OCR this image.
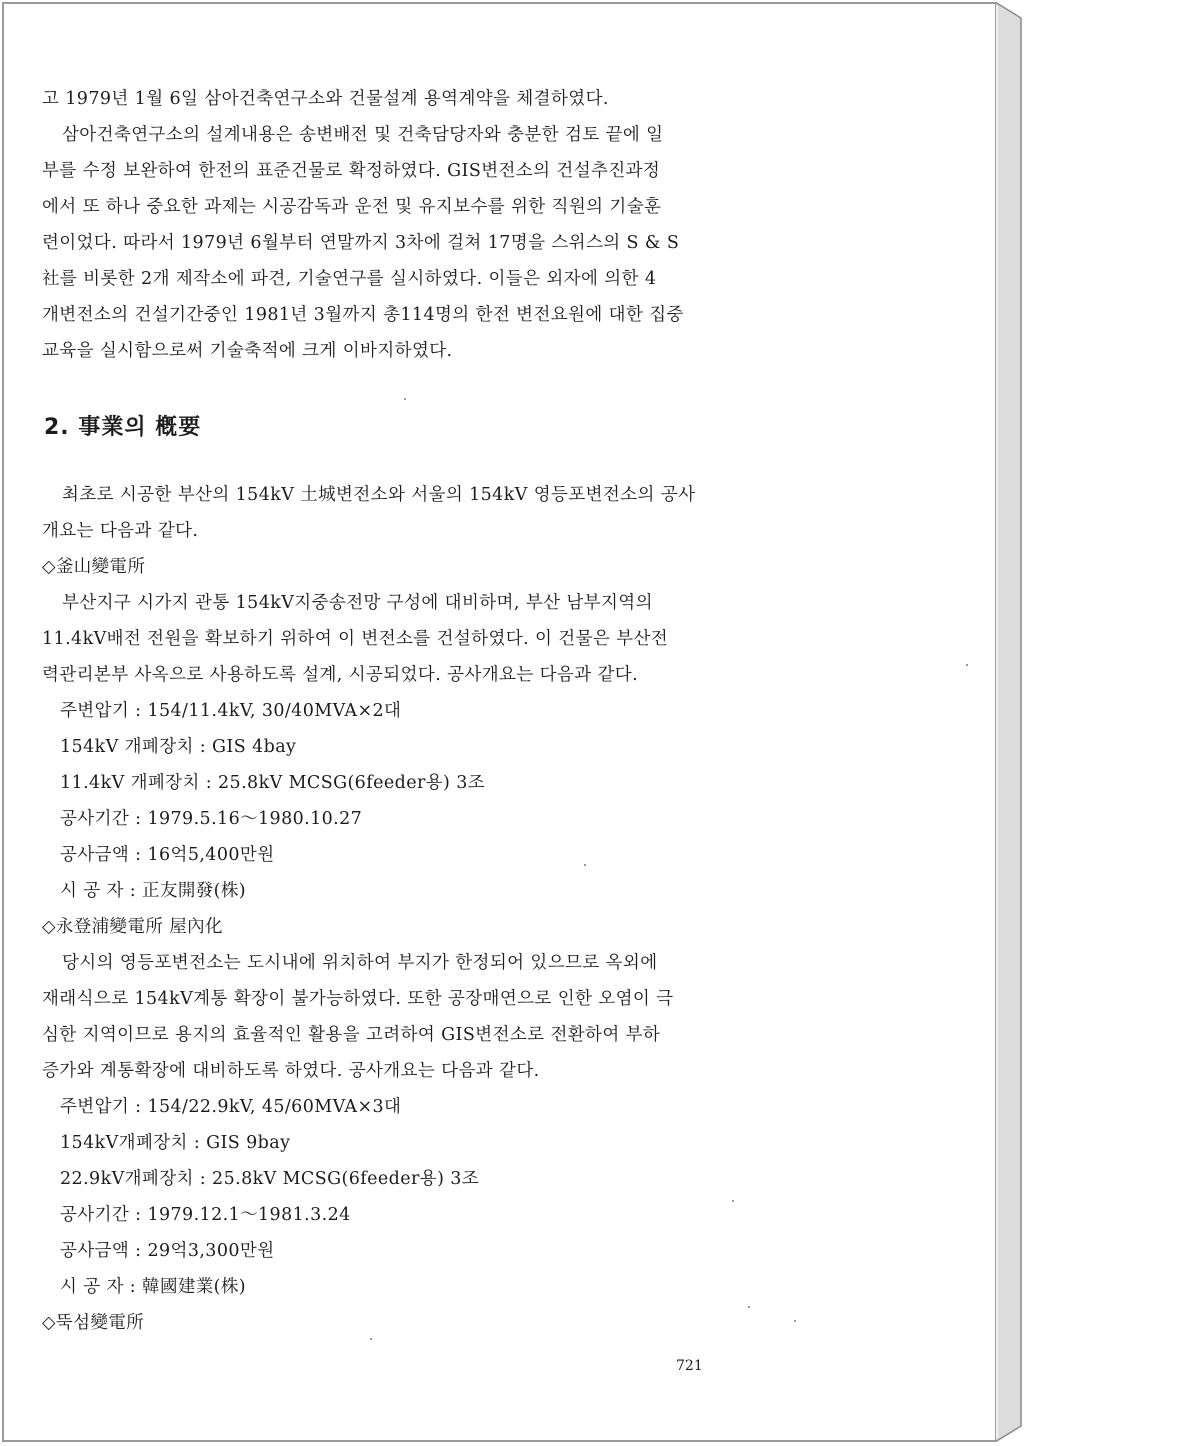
고 1979년 1월 6일 삼아건축연구소와 건물설계 용역계약을 체결하였다.
삼아건축연구소의 설계내용은 송변배전 및 건축담당자와 충분한 검토 끝에 일
부를 수정 보완하여 한전의 표준건물로 확정하였다. GIS변전소의 건설추진과정
에서 또 하나 중요한 과제는 시공감독과 운전 및 유지보수를 위한 직원의 기술훈
련이었다. 따라서 1979년 6월부터 연말까지 3차에 걸쳐 17명을 스위스의 S & S
社를 비롯한 2개 제작소에 파견, 기술연구를 실시하였다. 이들은 외자에 의한 4
개변전소의 건설기간중인 1981년 3월까지 총114명의 한전 변전요원에 대한 집중
교육을 실시함으로써 기술축적에 크게 이바지하였다.
2. 事業의 槪要
최초로 시공한 부산의 154kV 土城변전소와 서울의 154kV 영등포변전소의 공사
개요는 다음과 같다.
◇釜山變電所
부산지구 시가지 관통 154kV지중송전망 구성에 대비하며, 부산 남부지역의
11.4kV배전 전원을 확보하기 위하여 이 변전소를 건설하였다. 이 건물은 부산전
력관리본부 사옥으로 사용하도록 설계, 시공되었다. 공사개요는 다음과 같다.
주변압기 : 154/11.4kV, 30/40MVA×2대
154kV 개폐장치 : GIS 4bay
11.4kV 개폐장치 : 25.8kV MCSG(6feeder용) 3조
공사기간 : 1979.5.16～1980.10.27
공사금액 : 16억5,400만원
시 공 자 : 正友開發(株)
◇永登浦變電所 屋內化
당시의 영등포변전소는 도시내에 위치하여 부지가 한정되어 있으므로 옥외에
재래식으로 154kV계통 확장이 불가능하였다. 또한 공장매연으로 인한 오염이 극
심한 지역이므로 용지의 효율적인 활용을 고려하여 GIS변전소로 전환하여 부하
증가와 계통확장에 대비하도록 하였다. 공사개요는 다음과 같다.
주변압기 : 154/22.9kV, 45/60MVA×3대
154kV개폐장치 : GIS 9bay
22.9kV개폐장치 : 25.8kV MCSG(6feeder용) 3조
공사기간 : 1979.12.1～1981.3.24
공사금액 : 29억3,300만원
시 공 자 : 韓國建業(株)
◇뚝섬變電所
721
